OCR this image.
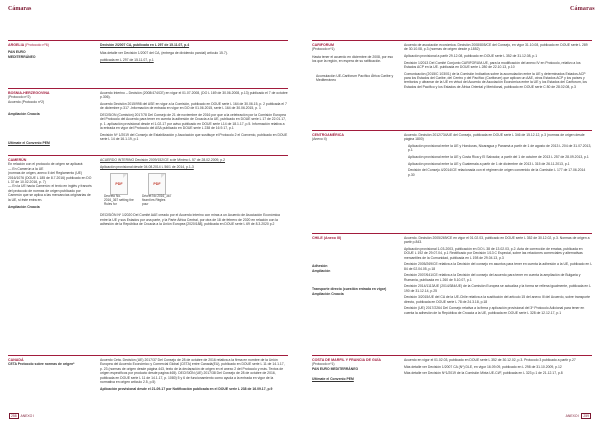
Cámaras
ARGELIA (Protocolo nº6)
PAN EURO
MEDITERRÁNEO

Decisión 2/2007 CA, publicada en L 297 de 15.11.07, p.4

Más detalle ver Decisión 1/2007 del CA, (entrega de dividendo parcial) artículo 15.7).

publicada en L 297 de 15.11.07, p.1

BOSNIA-HERZEGOVINA
(Protocolo nº2)
Acuerdo (Protocolo nº2)
Ampliación Croacia
Ultimate el Convenio PEM

Acuerdo Interino – Decisión (2008/474/CE) en vigor el 01.07.2008, (DO L 169 de 30.06.2008, p.13) publicado el 7 de octubre p.306).

Acuerdo Decisión 2015/998 del ASE en vigor a la Comisión, publicado en DOUE serie L 164 de 30.06.15, p. 2 publicada el 7 de diciembre p.317 -Información de entrada en vigor en DO de 01.06.2015, serie L 164 de 30.06.2015, p. 1

DECISION (Comisión) 2017/78 Del Consejo de 21 de noviembre de 2016 por que a la celebración por la Comisión Europea del Protocolo del Acuerdo para tener en cuenta la adhesión de Croacia a la UE, publicado en DOUE serie L 17 de 22.01.17, p. 1. aplicación provisional desde el 1-02-17 por aviso publicado en DOUE serie L14 de 18.1.17, p.5. Información relativa a la entrada en vigor del Protocolo del ASA publicado en DOUE serie L 238 de 16.9.17, p.1

Decisión Nº 1/2019 del Consejo de Estabilización y Asociación que sustituye el Protocolo 2 el Convenio, publicado en DOUE serie L 14 de 16.1.19, p.1

CAMERÚN
En relación con el protocolo de origen se aplicará:
— En Camerún a la UE
(normas de origen, anexo II del Reglamento (UE) 2016/1076 (DOUE L 185 de 8.7.2016) publicado en DO L 37 de 10.02.2016, p. 7)
— En la UE hacia Camerún: el texto en inglés y francés del protocolo de normas de origen publicado por Camerún que se aplica a las mercancías originarias de la UE, si éste entra en.
Ampliación Croacia

ACUERDO INTERINO Decisión 2009/152/CE a de Mínimo L 57 de 28.02.2009, p.2

Aplicación provisional desde 04.08.2014 L 56/1 de 2014, p.1-3

PDF
Decreto No. 2016_367 setting the Rules for
PDF
Décret No 2016_367 fixant les Règles pour

DECISIÓN Nº 1/2020 Del Comité AAE creado por el Acuerdo interino con miras a un Acuerdo de Asociación Económica entre la UE y sus Estados por una parte, y la Parte África Central, por otra de 18 de febrero de 2020 en relación con la adhesión de la República de Croacia a la Unión Europea [2020/188], publicada en DOUE serie L 69 de 8.3.2020 p.2

CANADÁ
CETA Protocolo sobre normas de origen*

Acuerdo Ceta. Decisión (UE) 2017/37 Del Consejo de 28 de octubre de 2016 relativa a la firma en nombre de la Unión Europea del Acuerdo Económico y Comercial Global (CETA) entre Canadá(EU), publicado en DOUE serie L 11 de 14.1.17, p. 23 (normas de origen desde página 443, texto de la declaración de origen en el anexo 2 del Protocolo y más. Textos de origen específicos por producto desde pagina 465). DECISIÓN (UE) 2017/38 Del Consejo de 28 de octubre de 2016, publicada en DOUE serie L 11 de 14.1.17, p. 1080) 5 y 6 de funcionamiento como ayuda a la entrada en vigor de la normativa en origen artículo 2.5, p.5)

Aplicación provisional desde el 21-09-17 por Notificación publicada en el DOUE serie L 238 de 16.09.17, p.9

258 ANEXO I
Cámaras
CARIFORUM
(Protocolo nº1)
Hasta tener el acuerdo en diciembre de 2008, por eso los que la región, en espera de su ratificación.
Acumulación UE-Cariforum Pacífico África Caribe y Mediterráneo

Acuerdo de asociación económica. Decisión 2008/805/CE del Consejo, en vigor 31.10.08, publicado en DOUE serie L 289 de 30.10.08, p.3 (normas de origen desde p.1852)

Aplicación provisional a partir 29.12.08, publicado en DOUE serie L 352 de 31.12.08, p.1

Decisión 1/2013 Del Comité Conjunto CARIFORUM-UE, para la modificación del anexo IV en Protocolo, relativo a los Estados ACP en la UE. publicada en DOUE serie L 280 de 22.10.13, p.10

Comunicación (2015/C 103/01) de la Comisión Indicativa sobre la acumulación entre la UE y determinados Estados ACP para los Estados del Caribe, del Centro y del Pacífico (Cariforum) que aplican un AAE, otros Estados ACP y los países y territorios y ultramar de la UE en virtud del Acuerdo de Asociación Económica entre la UE y los Estados del Cariforum, los Estados del Pacífico y los Estados de África Oriental y Meridional, publicado en DOUE serie C 80 de 28.02.08, p.3

CENTROAMÉRICA
(Anexo II)

Acuerdo. Decisión 2012/734/UE del Consejo, publicada en DOUE serie L 346 de 15.12.12, p.3 (normas de origen desde página 1800)

Aplicación provisional entre la UE y Honduras, Nicaragua y Panamá a partir de 1 de agosto de 2013 L 204 de 31.07.2013, p.1

Aplicación provisional entre la UE y Costa Rica y El Salvador, a partir del 1 de octubre de 2013 L 257 de 28.09.2013, p.1

Aplicación provisional entre la UE y Guatemala a partir de 1 de diciembre de 2013 L 315 de 26.11.2013, p.1

Decisión del Consejo 4/2014/CE relacionada con el régimen de origen convenido de la Comisión L 177 de 17.06.2014 p.30

CHILE (Anexo III)
Adhesión
Ampliación
Transporte directo (cuestión entrada en vigor)
Ampliación Croacia

Acuerdo. Decisión 2005/269/CE en vigor el 01.02.03, publicado en DOUE serie L 352 de 30.12.02, p.3. Normas de origen a partir p.843.

Aplicación provisional 1-03-2003, publicación en DO L 38 de 13.02.03, p.2. Acta de corrección de erratas, publicada en DOUE L 192 de 29.07.04, p.1 Rectificado por Decisión 1/13 C Especial, sobre las relaciones comerciales y alternativas mercantiles de la Comunidad, publicada en L 198 de 29.04.13, p.3

Decisión 2005/269/CE relativa a la Decisión del consejo en asuntos para tener en cuenta la adhesión a la UE, publicado en L 84 de 02.04.05, p.18

Decisión 2007/641/CE relativa a la Decisión del consejo del acuerdo para tener en cuenta la ampliación de Bulgaria y Rumanía, publicada en L 260 de 5.10.07, p.1

Decisión 2014/1113/UE (2014/384/UE) de la Comisión Europea se actualiza y la forma se rellena igualmente, publicada en L 190 de 31.12.14, p.25

Decisión 3/2015/UE del CA de la UE-Chile relativa a la sustitución del artículo 15 del anexo III del Acuerdo, sobre transporte directo, publicada en DOUE serie L 78 de 24.3.18, p.18

Decisión (UE) 2017/2264 Del Consejo relativa a la firma y aplicación provisional del 3º Protocolo Adicional para tener en cuenta la adhesión de la República de Croacia a la UE, publicada en DOUE serie L 328 de 12.12.17, p.1

COSTA DE MARFIL Y FRANCIA DE GUÍA
(Protocolo nº1)
PAN EURO MEDITERRÁNEO
Ultimate el Convenio PEM

Acuerdo en vigor el 01.02.03, publicado en DOUE serie L 352 de 30.12.02, p.3. Protocolo 3 publicado a partir p.27

Más detalle ver Decisión 1/2007 CA (Nº) DLE, en vigor 16.09.09, publicado en L 298 de 31.10.2009, p.12

Más detalle ver Decisión Nº1/2019 de la Comisión Mixta UE-CI/F, publicada en L 323 p.1 de 21.12.17, p.8

ANEXO I 259
